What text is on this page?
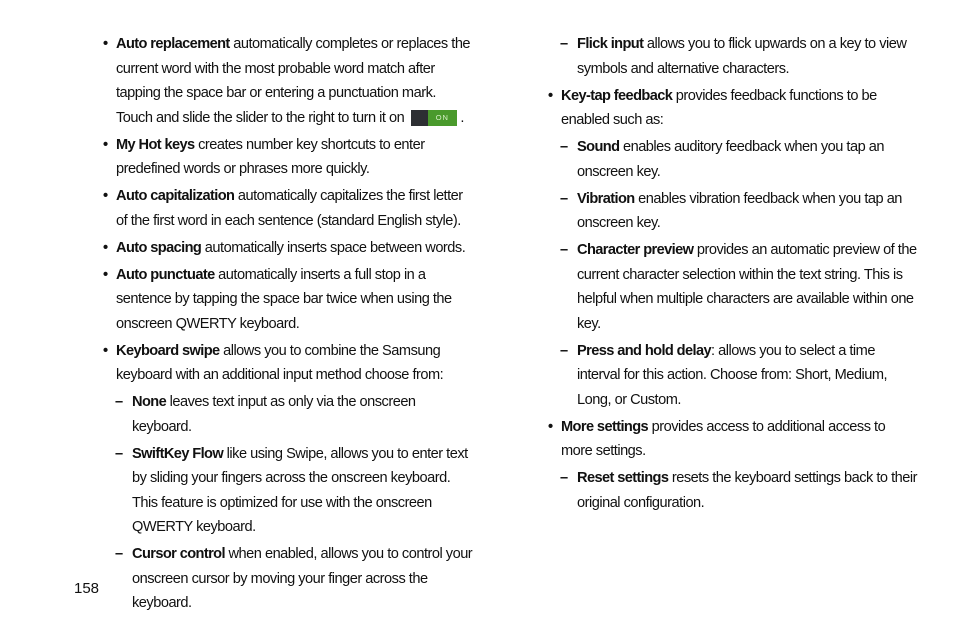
• Auto replacement automatically completes or replaces the current word with the most probable word match after tapping the space bar or entering a punctuation mark. Touch and slide the slider to the right to turn it on	ON .
• My Hot keys creates number key shortcuts to enter predefined words or phrases more quickly.
• Auto capitalization automatically capitalizes the first letter of the first word in each sentence (standard English style).
• Auto spacing automatically inserts space between words.
• Auto punctuate automatically inserts a full stop in a sentence by tapping the space bar twice when using the onscreen QWERTY keyboard.
• Keyboard swipe allows you to combine the Samsung keyboard with an additional input method choose from:
– None leaves text input as only via the onscreen keyboard.
– SwiftKey Flow like using Swipe, allows you to enter text by sliding your fingers across the onscreen keyboard. This feature is optimized for use with the onscreen QWERTY keyboard.
– Cursor control when enabled, allows you to control your onscreen cursor by moving your finger across the keyboard.
– Flick input allows you to flick upwards on a key to view symbols and alternative characters.
• Key-tap feedback provides feedback functions to be enabled such as:
– Sound enables auditory feedback when you tap an onscreen key.
– Vibration enables vibration feedback when you tap an onscreen key.
– Character preview provides an automatic preview of the current character selection within the text string. This is helpful when multiple characters are available within one key.
– Press and hold delay: allows you to select a time interval for this action. Choose from: Short, Medium, Long, or Custom.
• More settings provides access to additional access to more settings.
– Reset settings resets the keyboard settings back to their original configuration.
158
